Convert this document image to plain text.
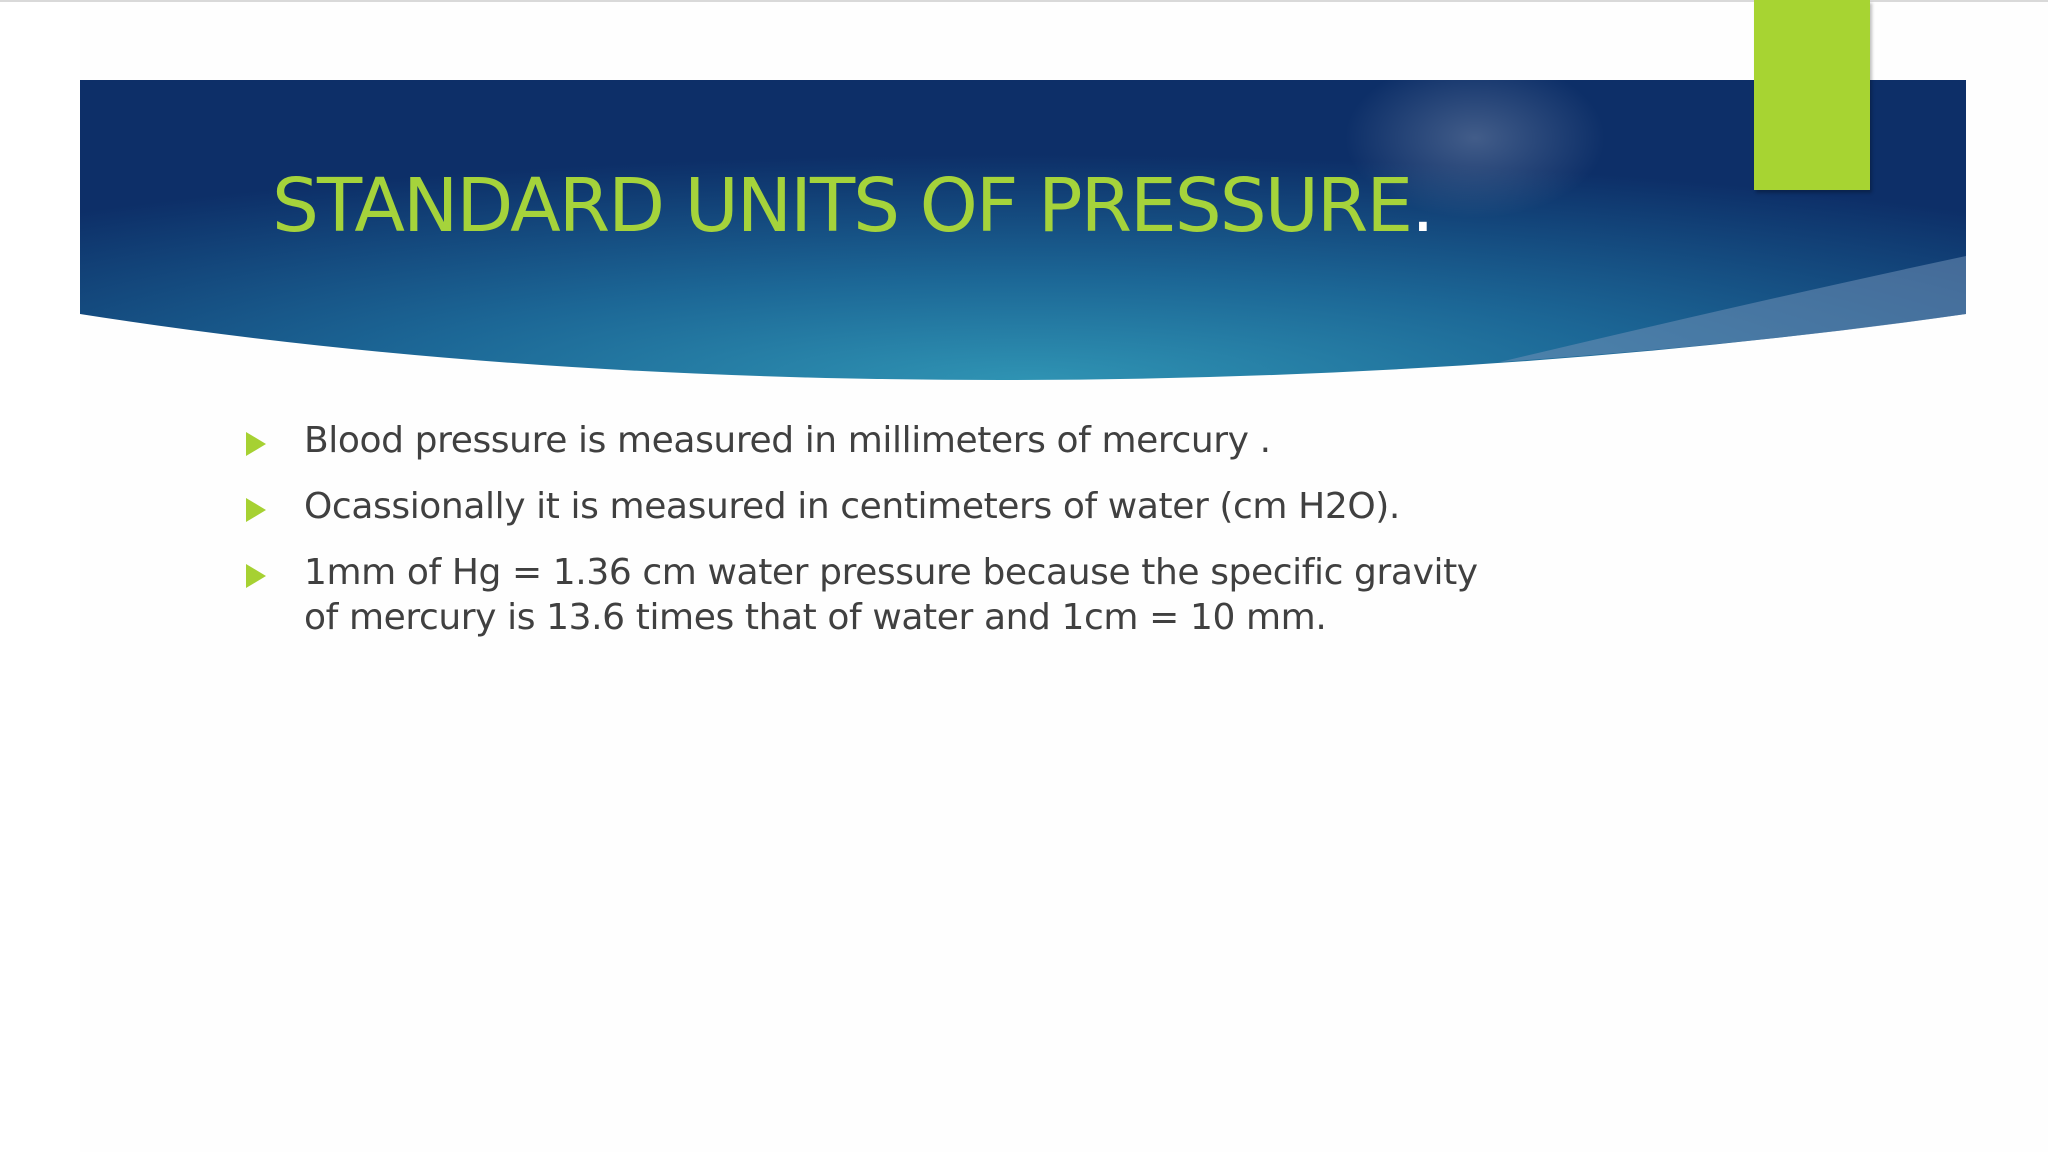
STANDARD UNITS OF PRESSURE.
Blood pressure is measured in millimeters of mercury .
Ocassionally it is measured in centimeters of water (cm H2O).
1mm of Hg = 1.36 cm water pressure because the specific gravity of mercury is 13.6 times that of water and 1cm = 10 mm.
